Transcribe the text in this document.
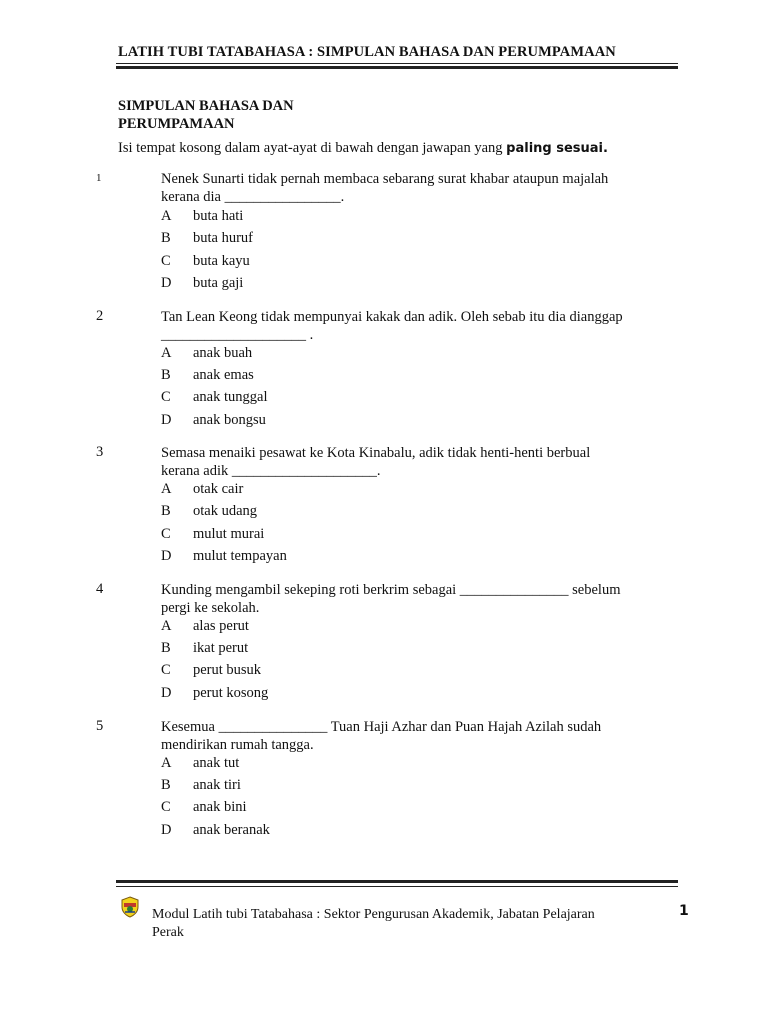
LATIH TUBI TATABAHASA : SIMPULAN BAHASA DAN PERUMPAMAAN
SIMPULAN BAHASA DAN
PERUMPAMAAN
Isi tempat kosong dalam ayat-ayat di bawah dengan jawapan yang paling sesuai.
1	Nenek Sunarti tidak pernah membaca sebarang surat khabar ataupun majalah
kerana dia ________________.
A buta hati
B buta huruf
C buta kayu
D buta gaji
2	Tan Lean Keong tidak mempunyai kakak dan adik. Oleh sebab itu dia dianggap
____________________ .
A anak buah
B anak emas
C anak tunggal
D anak bongsu
3	Semasa menaiki pesawat ke Kota Kinabalu, adik tidak henti-henti berbual
kerana adik ____________________.
A otak cair
B otak udang
C mulut murai
D mulut tempayan
4	Kunding mengambil sekeping roti berkrim sebagai _______________ sebelum
pergi ke sekolah.
A alas perut
B ikat perut
C perut busuk
D perut kosong
5	Kesemua _______________ Tuan Haji Azhar dan Puan Hajah Azilah sudah
mendirikan rumah tangga.
A anak tut
B anak tiri
C anak bini
D anak beranak
Modul Latih tubi Tatabahasa : Sektor Pengurusan Akademik, Jabatan Pelajaran Perak
1
